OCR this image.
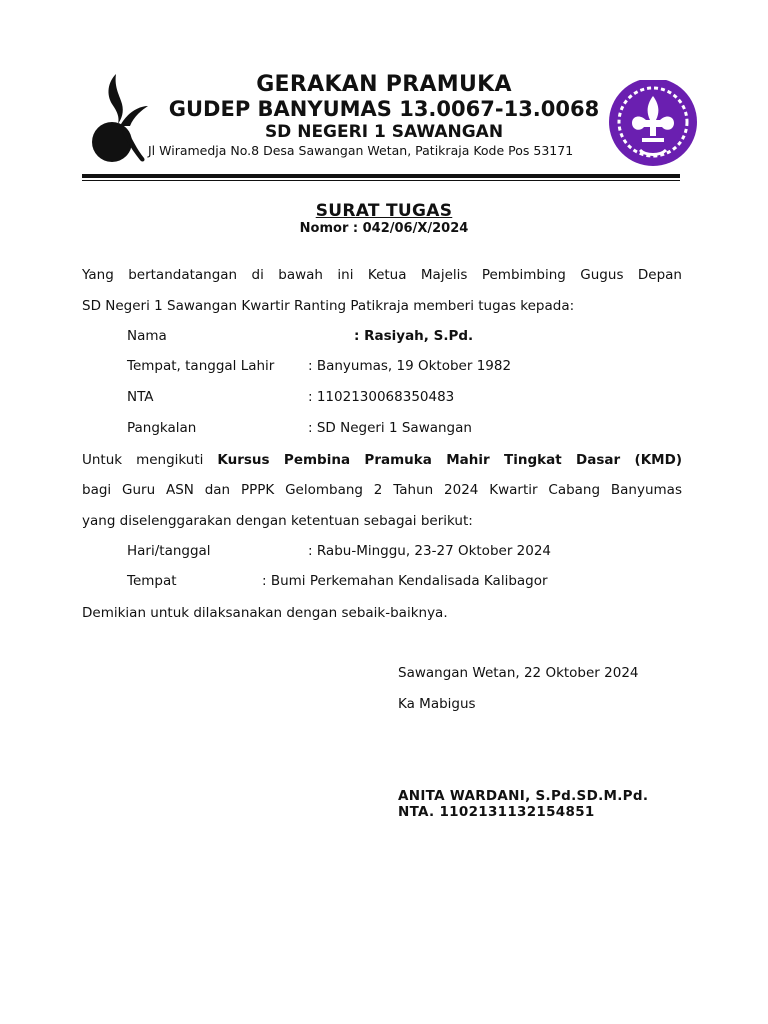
GERAKAN PRAMUKA
GUDEP BANYUMAS 13.0067-13.0068
SD NEGERI 1 SAWANGAN
Jl Wiramedja No.8 Desa Sawangan Wetan, Patikraja Kode Pos 53171
SURAT TUGAS
Nomor : 042/06/X/2024
Yang bertandatangan di bawah ini Ketua Majelis Pembimbing Gugus Depan
SD Negeri 1 Sawangan Kwartir Ranting Patikraja memberi tugas kepada:
Nama	: Rasiyah, S.Pd.
Tempat, tanggal Lahir : Banyumas, 19 Oktober 1982
NTA	: 1102130068350483
Pangkalan	: SD Negeri 1 Sawangan
Untuk mengikuti Kursus Pembina Pramuka Mahir Tingkat Dasar (KMD)
bagi Guru ASN dan PPPK Gelombang 2 Tahun 2024 Kwartir Cabang Banyumas
yang diselenggarakan dengan ketentuan sebagai berikut:
Hari/tanggal	: Rabu-Minggu, 23-27 Oktober 2024
Tempat	: Bumi Perkemahan Kendalisada Kalibagor
Demikian untuk dilaksanakan dengan sebaik-baiknya.
Sawangan Wetan, 22 Oktober 2024
Ka Mabigus
ANITA WARDANI, S.Pd.SD.M.Pd.
NTA. 1102131132154851
